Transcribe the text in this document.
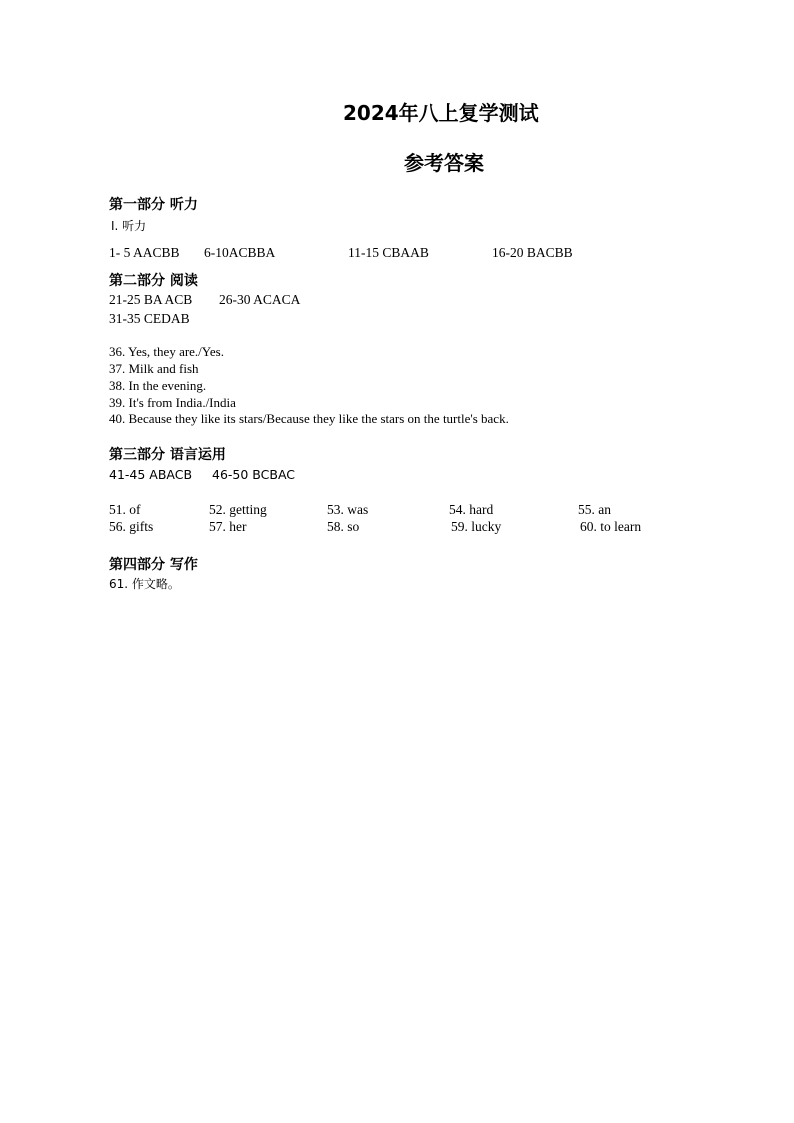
2024年八上复学测试
参考答案
第一部分 听力
Ⅰ. 听力
1- 5 AACBB 6-10ACBBA	11-15 CBAAB	16-20 BACBB
第二部分 阅读
21-25 BA ACB 26-30 ACACA
31-35 CEDAB
36. Yes, they are./Yes.
37. Milk and fish
38. In the evening.
39. It's from India./India
40. Because they like its stars/Because they like the stars on the turtle's back.
第三部分 语言运用
41-45 ABACB 46-50 BCBAC
51. of	52. getting	53. was	54. hard	55. an
56. gifts	57. her	58. so	59. lucky	60. to learn
第四部分 写作
61. 作文略。
